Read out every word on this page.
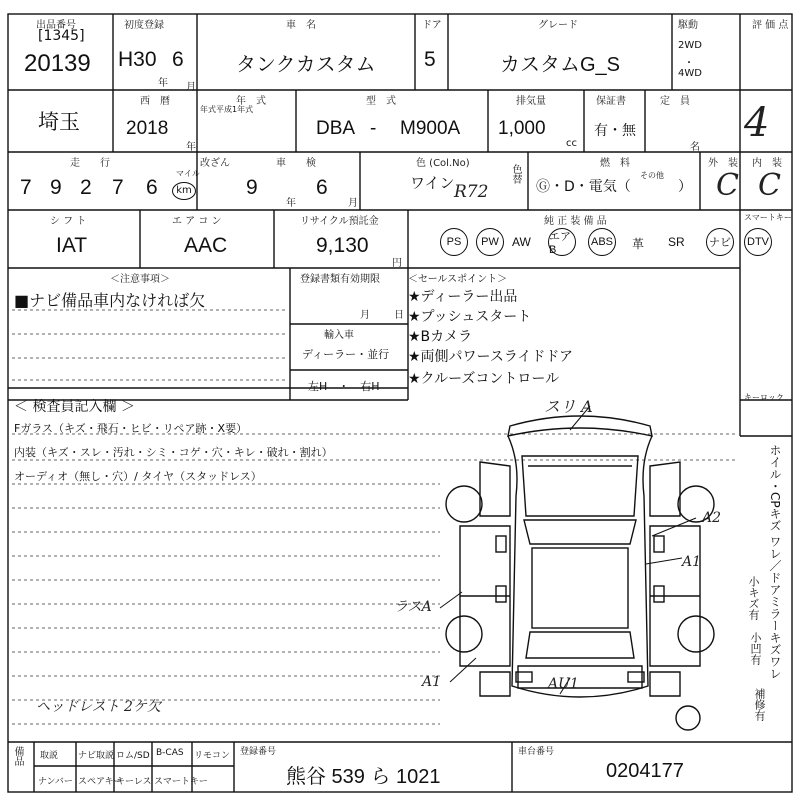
出品番号
[1345]
20139
初度登録
H30 6
年 月
車　名
タンクカスタム
ドア
5
グレード
カスタムG_S
駆動
2WD
・
4WD
評 価 点
4
埼玉
西　暦
2018
年
年　式
年式平成1年式
型　式
DBA - M900A
排気量
1,000
cc
保証書
有・無
定　員
名
走　　行
7 9 2 7 6
マイル
km
改ざん	車　　検
9
年
6
月
色 (Col.No)
ワイン R72
色替
燃　料
Ⓖ・D・電気（
その他
）
外　装 内　装
C C
シ フ ト
IAT
エ ア コ ン
AAC
リサイクル預託金
9,130
円
純 正 装 備 品	スマートキー
PS	PW	AW エアB
ABS 革 SR ナビ DTV
＜注意事項＞
■ナビ備品車内なければ欠
登録書類有効期限
月 日
輸入車
ディーラー・並行
左H　・　右H
＜セールスポイント＞
★ディーラー出品
★プッシュスタート
★Bカメラ
★両側パワースライドドア
★クルーズコントロール
＜ 検査員記入欄 ＞
Fガラス（キズ・飛石・ヒビ・リペア跡・X要）
内装（キズ・スレ・汚れ・シミ・コゲ・穴・キレ・破れ・割れ）
オーディオ（無し・穴）/ タイヤ（スタッドレス）
ヘッドレスト 2ケ欠
キーロック
ホイル・CPキズ ワレ／ドアミラーキズワレ
小キズ有
小凹有
補修有
スリ A
A2
A1
ラスA
A1	AU1
備品 取説 ナビ取説 ロム/SD B-CAS リモコン
ナンバー スペアキー
キーレス スマートキー
登録番号
熊谷 539 ら 1021
車台番号
0204177
